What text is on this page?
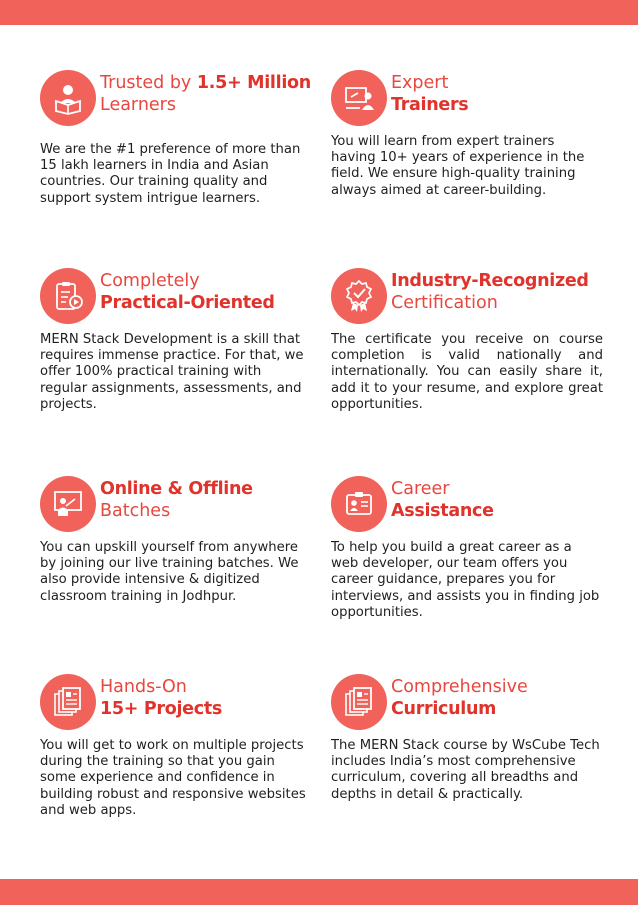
Trusted by 1.5+ Million
Learners

We are the #1 preference of more than 15 lakh learners in India and Asian countries. Our training quality and support system intrigue learners.

Expert
Trainers

You will learn from expert trainers having 10+ years of experience in the field. We ensure high-quality training always aimed at career-building.

Completely
Practical-Oriented

MERN Stack Development is a skill that requires immense practice. For that, we offer 100% practical training with regular assignments, assessments, and projects.

Industry-Recognized
Certification

The certificate you receive on course completion is valid nationally and internationally. You can easily share it, add it to your resume, and explore great opportunities.

Online & Offline
Batches

You can upskill yourself from anywhere by joining our live training batches. We also provide intensive & digitized classroom training in Jodhpur.

Career
Assistance

To help you build a great career as a web developer, our team offers you career guidance, prepares you for interviews, and assists you in finding job opportunities.

Hands-On
15+ Projects

You will get to work on multiple projects during the training so that you gain some experience and confidence in building robust and responsive websites and web apps.

Comprehensive
Curriculum

The MERN Stack course by WsCube Tech includes India’s most comprehensive curriculum, covering all breadths and depths in detail & practically.
